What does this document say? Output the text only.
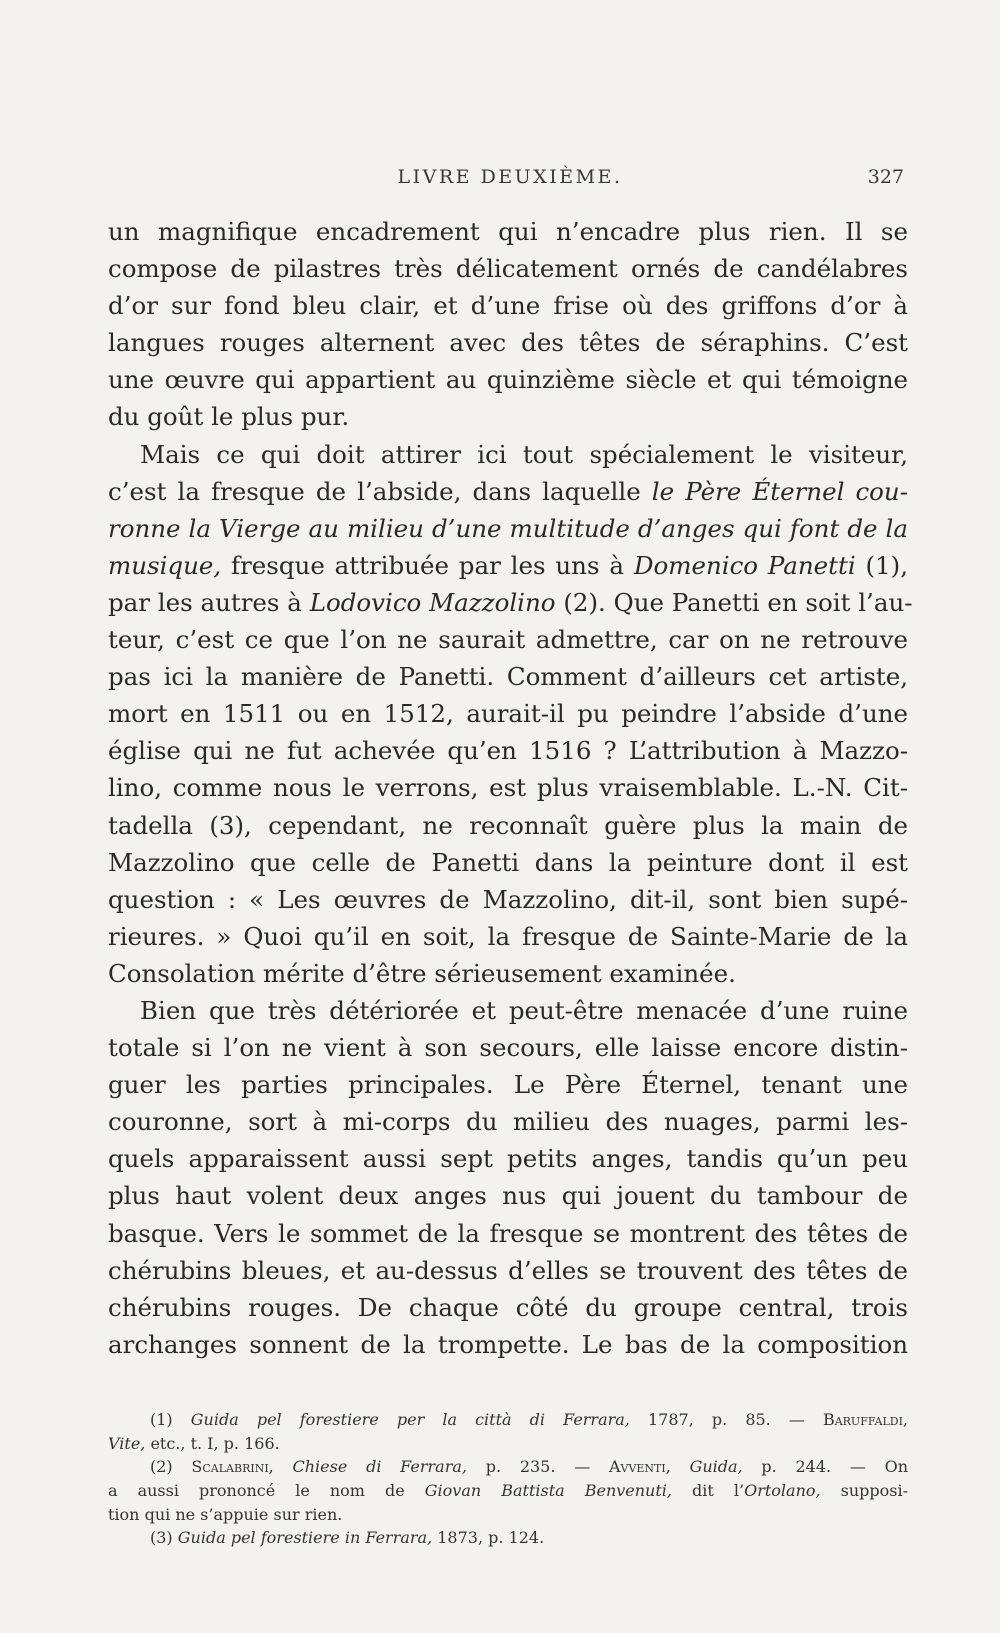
LIVRE DEUXIÈME.	327
un magnifique encadrement qui n’encadre plus rien. Il se
compose de pilastres très délicatement ornés de candélabres
d’or sur fond bleu clair, et d’une frise où des griffons d’or à
langues rouges alternent avec des têtes de séraphins. C’est
une œuvre qui appartient au quinzième siècle et qui témoigne
du goût le plus pur.
Mais ce qui doit attirer ici tout spécialement le visiteur,
c’est la fresque de l’abside, dans laquelle le Père Éternel cou-
ronne la Vierge au milieu d’une multitude d’anges qui font de la
musique, fresque attribuée par les uns à Domenico Panetti (1),
par les autres à Lodovico Mazzolino (2). Que Panetti en soit l’au-
teur, c’est ce que l’on ne saurait admettre, car on ne retrouve
pas ici la manière de Panetti. Comment d’ailleurs cet artiste,
mort en 1511 ou en 1512, aurait-il pu peindre l’abside d’une
église qui ne fut achevée qu’en 1516 ? L’attribution à Mazzo-
lino, comme nous le verrons, est plus vraisemblable. L.-N. Cit-
tadella (3), cependant, ne reconnaît guère plus la main de
Mazzolino que celle de Panetti dans la peinture dont il est
question : « Les œuvres de Mazzolino, dit-il, sont bien supé-
rieures. » Quoi qu’il en soit, la fresque de Sainte-Marie de la
Consolation mérite d’être sérieusement examinée.
Bien que très détériorée et peut-être menacée d’une ruine
totale si l’on ne vient à son secours, elle laisse encore distin-
guer les parties principales. Le Père Éternel, tenant une
couronne, sort à mi-corps du milieu des nuages, parmi les-
quels apparaissent aussi sept petits anges, tandis qu’un peu
plus haut volent deux anges nus qui jouent du tambour de
basque. Vers le sommet de la fresque se montrent des têtes de
chérubins bleues, et au-dessus d’elles se trouvent des têtes de
chérubins rouges. De chaque côté du groupe central, trois
archanges sonnent de la trompette. Le bas de la composition
(1) Guida pel forestiere per la città di Ferrara, 1787, p. 85. — Baruffaldi,
Vite, etc., t. I, p. 166.
(2) Scalabrini, Chiese di Ferrara, p. 235. — Avventi, Guida, p. 244. — On
a aussi prononcé le nom de Giovan Battista Benvenuti, dit l’Ortolano, supposi-
tion qui ne s’appuie sur rien.
(3) Guida pel forestiere in Ferrara, 1873, p. 124.
